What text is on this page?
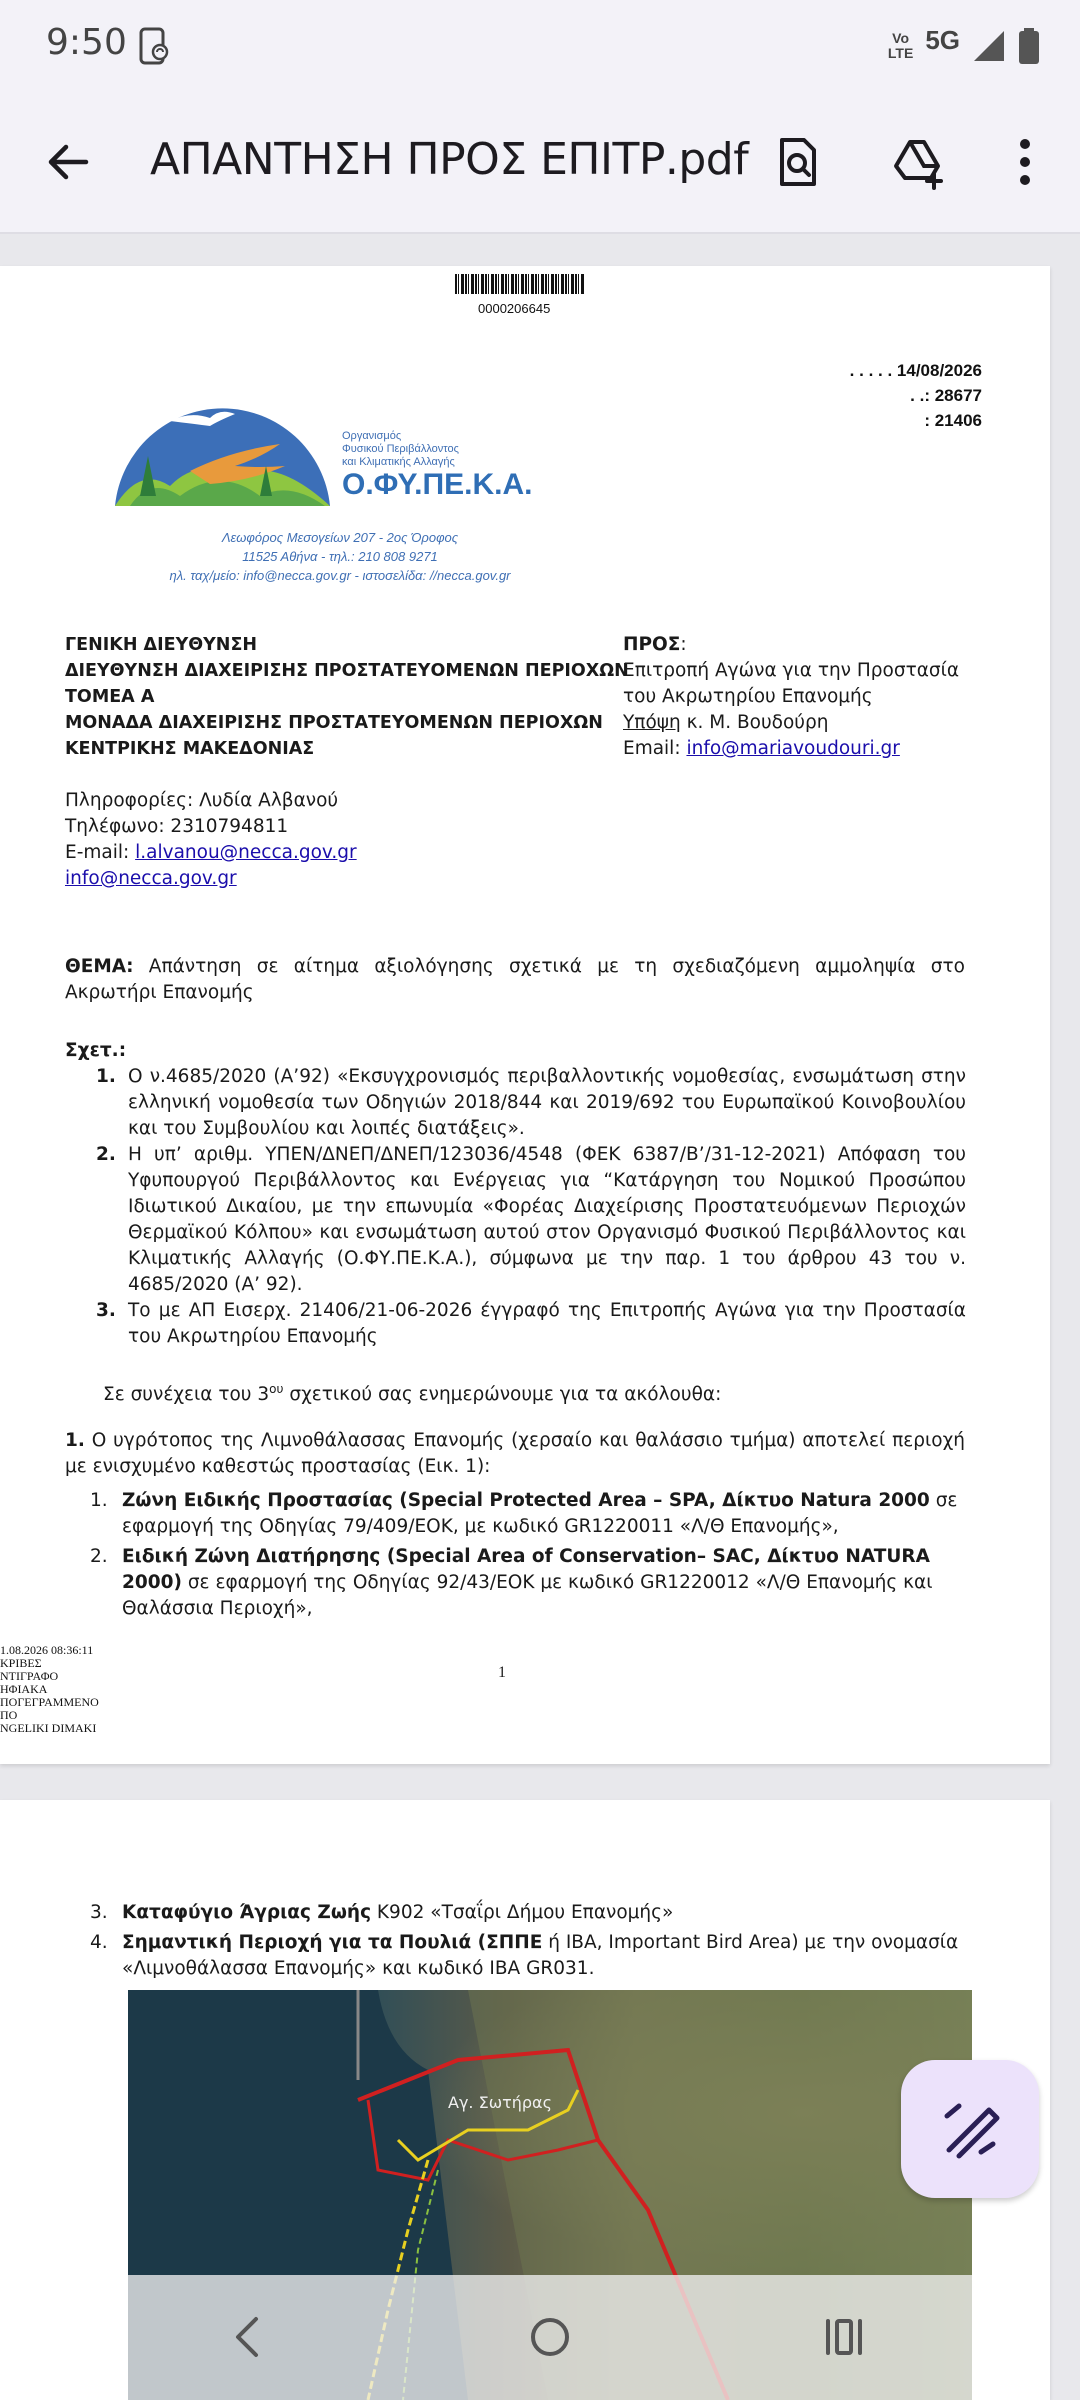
9:50	Vo
LTE 5G
ΑΠΑΝΤΗΣΗ ΠΡΟΣ ΕΠΙΤΡ.pdf
0000206645
. . . . . 14/08/2026
. .: 28677
: 21406
Οργανισμός
Φυσικού Περιβάλλοντος
και Κλιματικής Αλλαγής
Ο.ΦΥ.ΠΕ.Κ.Α.
Λεωφόρος Μεσογείων 207 - 2ος Όροφος
11525 Αθήνα - τηλ.: 210 808 9271
ηλ. ταχ/μείο: info@necca.gov.gr - ιστοσελίδα: //necca.gov.gr
ΓΕΝΙΚΗ ΔΙΕΥΘΥΝΣΗ
ΔΙΕΥΘΥΝΣΗ ΔΙΑΧΕΙΡΙΣΗΣ ΠΡΟΣΤΑΤΕΥΟΜΕΝΩΝ ΠΕΡΙΟΧΩΝ
ΤΟΜΕΑ Α
ΜΟΝΑΔΑ ΔΙΑΧΕΙΡΙΣΗΣ ΠΡΟΣΤΑΤΕΥΟΜΕΝΩΝ ΠΕΡΙΟΧΩΝ
ΚΕΝΤΡΙΚΗΣ ΜΑΚΕΔΟΝΙΑΣ
ΠΡΟΣ:
Επιτροπή Αγώνα για την Προστασία
του Ακρωτηρίου Επανομής
Υπόψη κ. Μ. Βουδούρη
Email: info@mariavoudouri.gr
Πληροφορίες: Λυδία Αλβανού
Τηλέφωνο: 2310794811
E-mail: l.alvanou@necca.gov.gr
info@necca.gov.gr
ΘΕΜΑ: Απάντηση σε αίτημα αξιολόγησης σχετικά με τη σχεδιαζόμενη αμμοληψία στο Ακρωτήρι Επανομής
Σχετ.:
1. Ο ν.4685/2020 (Α’92) «Εκσυγχρονισμός περιβαλλοντικής νομοθεσίας, ενσωμάτωση στην ελληνική νομοθεσία των Οδηγιών 2018/844 και 2019/692 του Ευρωπαϊκού Κοινοβουλίου και του Συμβουλίου και λοιπές διατάξεις».
2. Η υπ’ αριθμ. ΥΠΕΝ/ΔΝΕΠ/ΔΝΕΠ/123036/4548 (ΦΕΚ 6387/Β’/31-12-2021) Απόφαση του Υφυπουργού Περιβάλλοντος και Ενέργειας για “Κατάργηση του Νομικού Προσώπου Ιδιωτικού Δικαίου, με την επωνυμία «Φορέας Διαχείρισης Προστατευόμενων Περιοχών Θερμαϊκού Κόλπου» και ενσωμάτωση αυτού στον Οργανισμό Φυσικού Περιβάλλοντος και Κλιματικής Αλλαγής (Ο.ΦΥ.ΠΕ.Κ.Α.), σύμφωνα με την παρ. 1 του άρθρου 43 του ν. 4685/2020 (Α’ 92).
3. Το με ΑΠ Εισερχ. 21406/21-06-2026 έγγραφό της Επιτροπής Αγώνα για την Προστασία του Ακρωτηρίου Επανομής
Σε συνέχεια του $3^{o\upsilon}$ σχετικού σας ενημερώνουμε για τα ακόλουθα:
1. Ο υγρότοπος της Λιμνοθάλασσας Επανομής (χερσαίο και θαλάσσιο τμήμα) αποτελεί περιοχή με ενισχυμένο καθεστώς προστασίας (Εικ. 1):
1. Ζώνη Ειδικής Προστασίας (Special Protected Area – SPA, Δίκτυο Natura 2000 σε εφαρμογή της Οδηγίας 79/409/ΕΟΚ, με κωδικό GR1220011 «Λ/Θ Επανομής»,
2. Ειδική Ζώνη Διατήρησης (Special Area of Conservation– SAC, Δίκτυο NATURA 2000) σε εφαρμογή της Οδηγίας 92/43/ΕΟΚ με κωδικό GR1220012 «Λ/Θ Επανομής και Θαλάσσια Περιοχή»,
1
1.08.2026 08:36:11
ΚΡΙΒΕΣ
ΝΤΙΓΡΑΦΟ
ΗΦΙΑΚΑ
ΠΟΓΕΓΡΑΜΜΕΝΟ
ΠΟ
NGELIKI DIMAKI
3. Καταφύγιο Άγριας Ζωής Κ902 «Τσαΐρι Δήμου Επανομής»
4. Σημαντική Περιοχή για τα Πουλιά (ΣΠΠΕ ή IBA, Important Bird Area) με την ονομασία «Λιμνοθάλασσα Επανομής» και κωδικό IBA GR031.
Αγ. Σωτήρας
